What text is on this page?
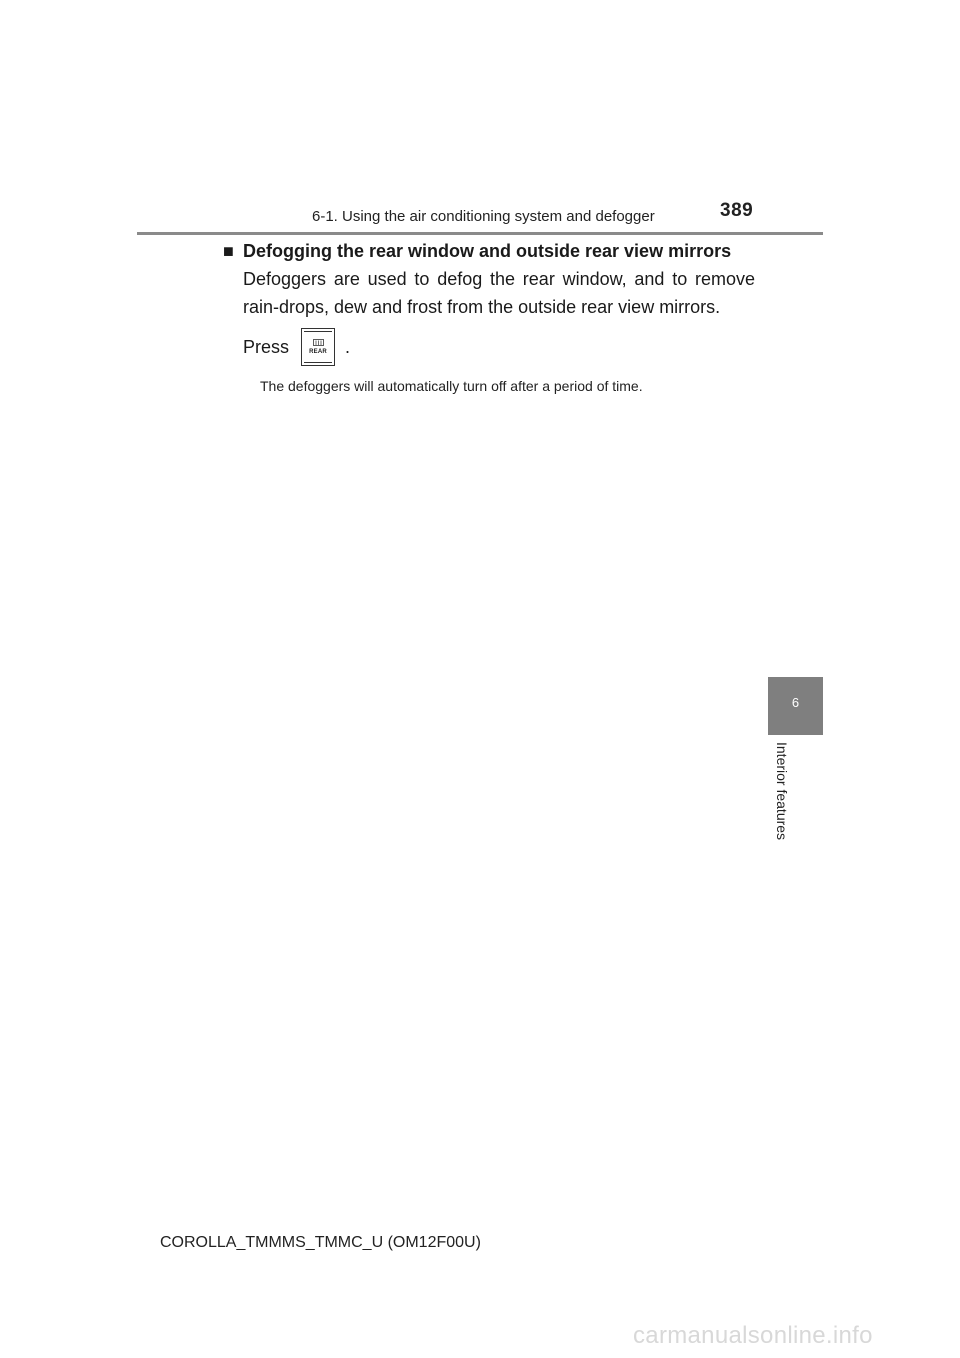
6-1. Using the air conditioning system and defogger	389
6
Interior features
■ Defogging the rear window and outside rear view mirrors
Defoggers are used to defog the rear window, and to remove rain-drops, dew and frost from the outside rear view mirrors.
Press	REAR	.
The defoggers will automatically turn off after a period of time.
COROLLA_TMMMS_TMMC_U (OM12F00U)
carmanualsonline.info
